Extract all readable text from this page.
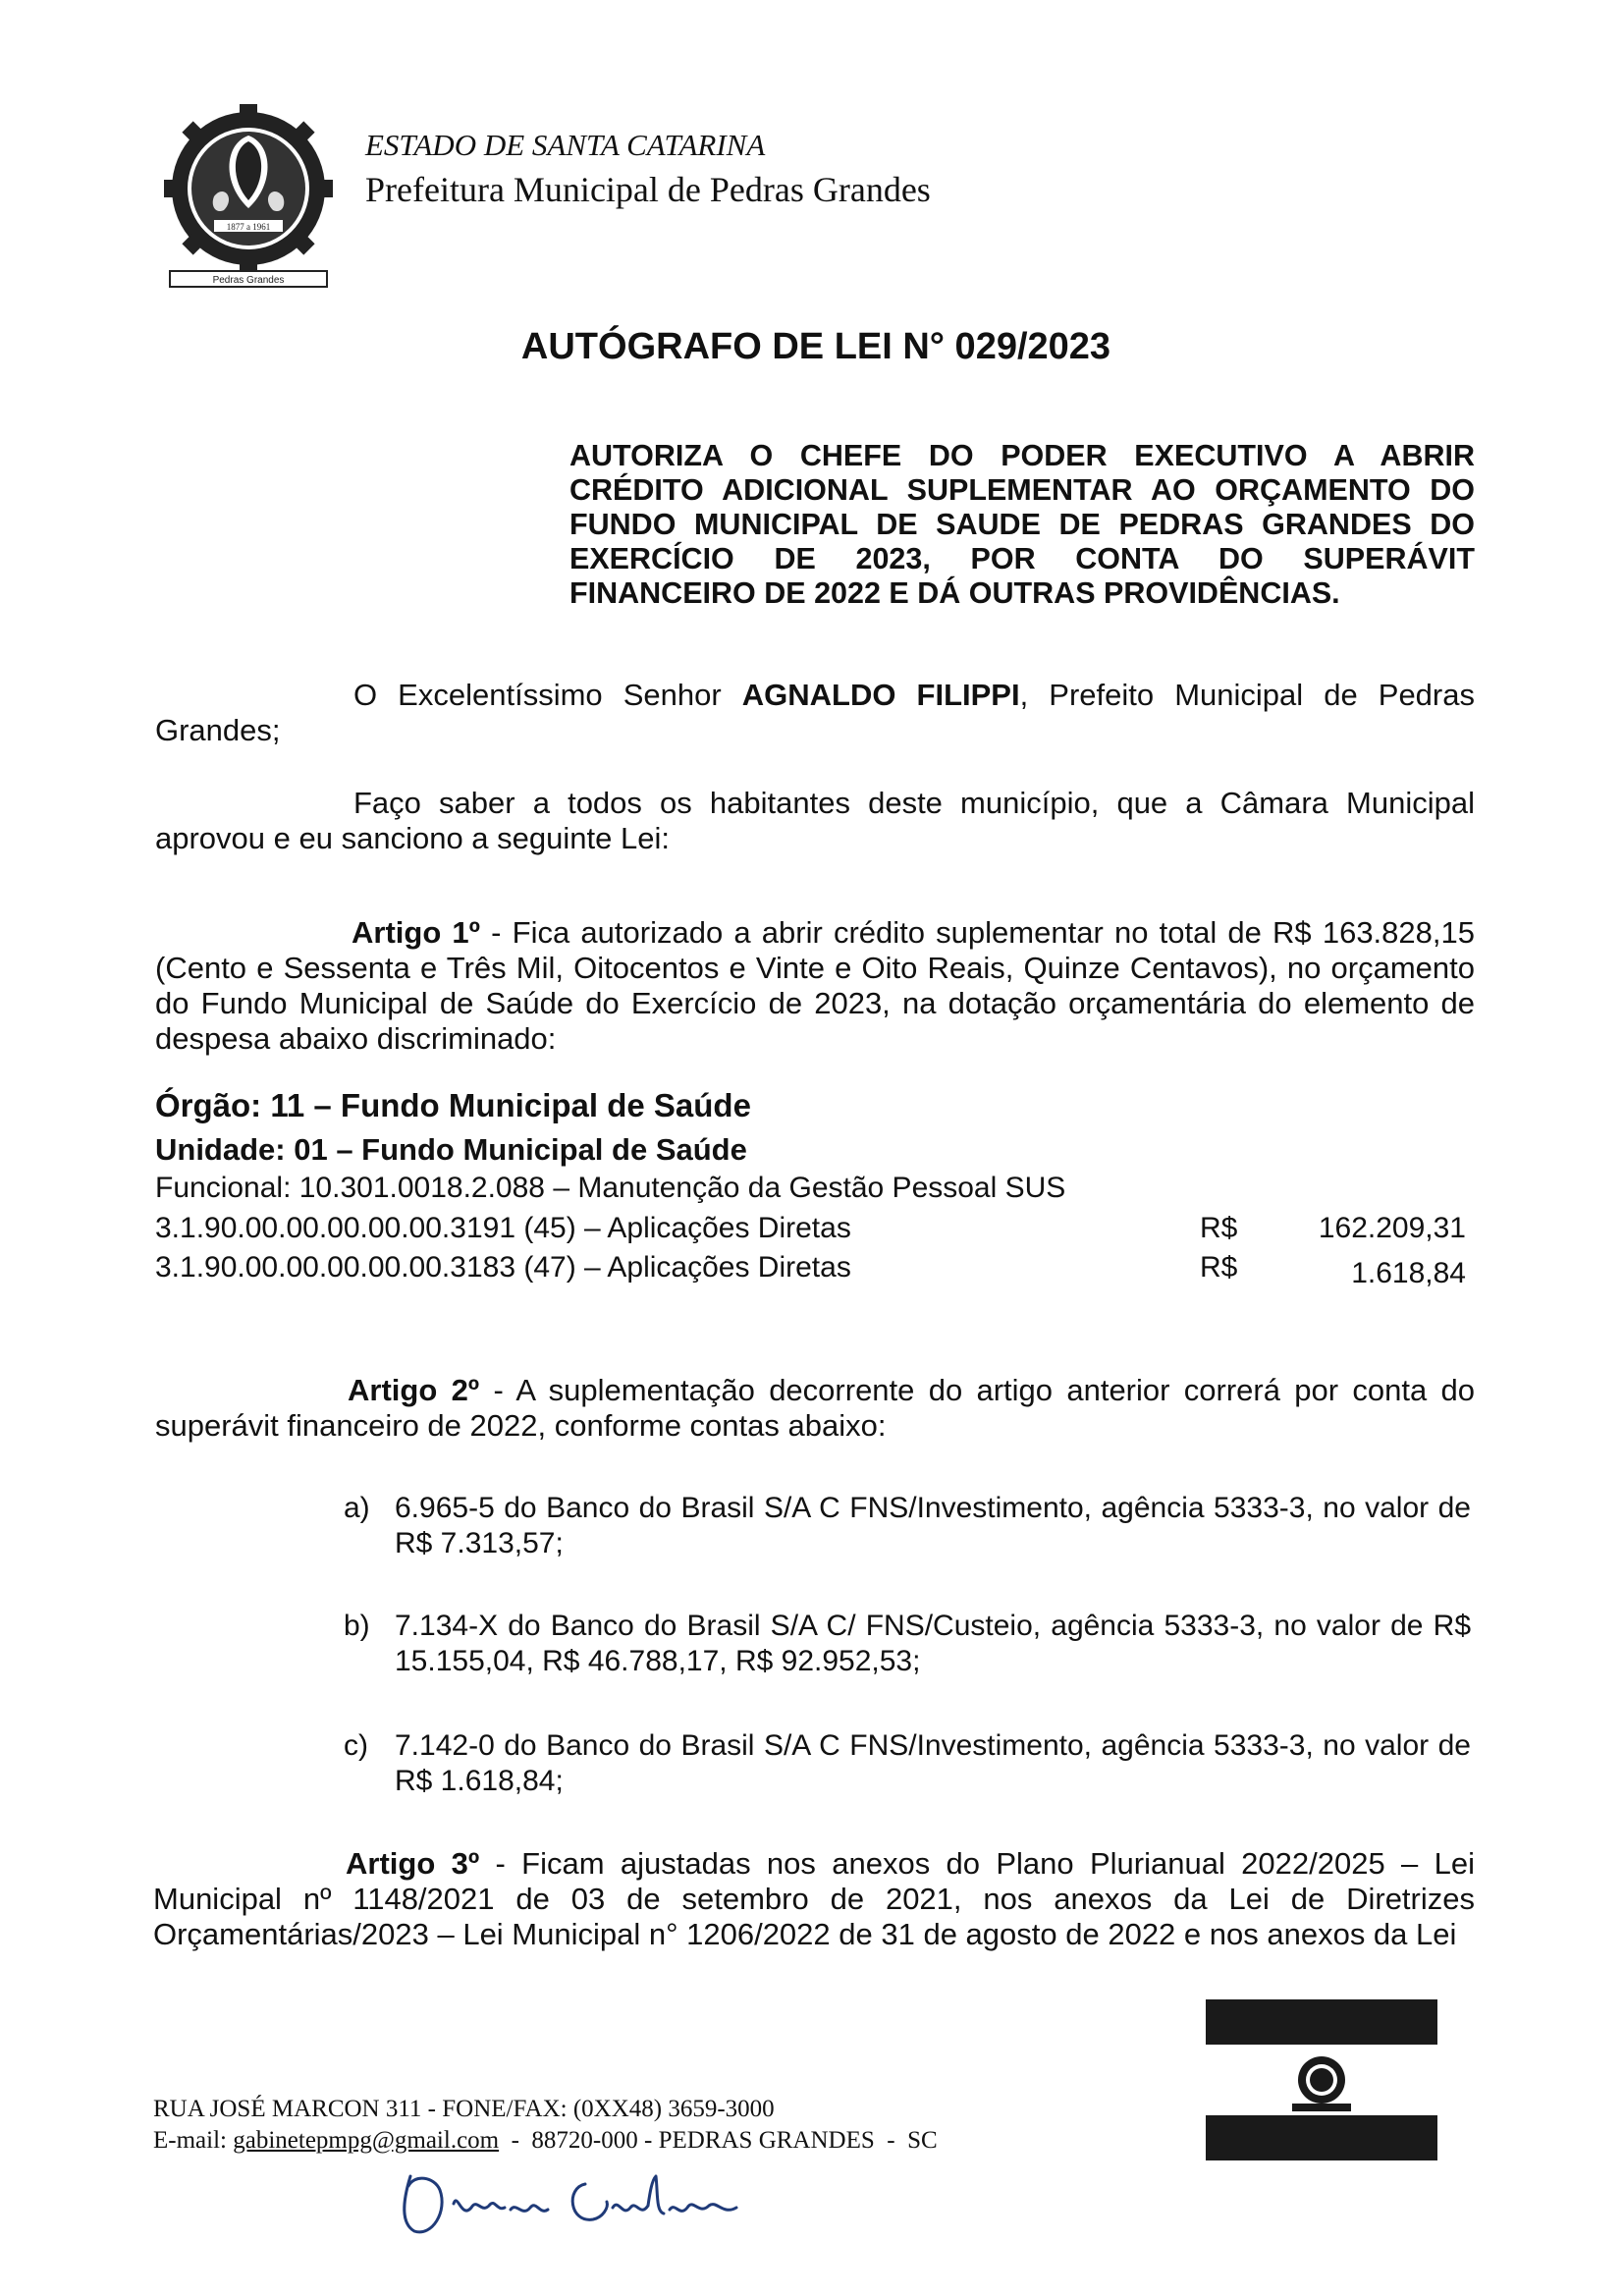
1877 a 1961
Pedras Grandes
ESTADO DE SANTA CATARINA
Prefeitura Municipal de Pedras Grandes
AUTÓGRAFO DE LEI N° 029/2023
AUTORIZA O CHEFE DO PODER EXECUTIVO A ABRIR CRÉDITO ADICIONAL SUPLEMENTAR AO ORÇAMENTO DO FUNDO MUNICIPAL DE SAUDE DE PEDRAS GRANDES DO EXERCÍCIO DE 2023, POR CONTA DO SUPERÁVIT FINANCEIRO DE 2022 E DÁ OUTRAS PROVIDÊNCIAS.
O Excelentíssimo Senhor AGNALDO FILIPPI, Prefeito Municipal de Pedras Grandes;
Faço saber a todos os habitantes deste município, que a Câmara Municipal aprovou e eu sanciono a seguinte Lei:
Artigo 1º - Fica autorizado a abrir crédito suplementar no total de R$ 163.828,15 (Cento e Sessenta e Três Mil, Oitocentos e Vinte e Oito Reais, Quinze Centavos), no orçamento do Fundo Municipal de Saúde do Exercício de 2023, na dotação orçamentária do elemento de despesa abaixo discriminado:
Órgão: 11 – Fundo Municipal de Saúde
Unidade: 01 – Fundo Municipal de Saúde
Funcional: 10.301.0018.2.088 – Manutenção da Gestão Pessoal SUS
3.1.90.00.00.00.00.00.3191 (45) – Aplicações Diretas	R$	162.209,31
3.1.90.00.00.00.00.00.3183 (47) – Aplicações Diretas	R$	1.618,84
Artigo 2º - A suplementação decorrente do artigo anterior correrá por conta do superávit financeiro de 2022, conforme contas abaixo:
a) 6.965-5 do Banco do Brasil S/A C FNS/Investimento, agência 5333-3, no valor de R$ 7.313,57;
b) 7.134-X do Banco do Brasil S/A C/ FNS/Custeio, agência 5333-3, no valor de R$ 15.155,04, R$ 46.788,17, R$ 92.952,53;
c) 7.142-0 do Banco do Brasil S/A C FNS/Investimento, agência 5333-3, no valor de R$ 1.618,84;
Artigo 3º - Ficam ajustadas nos anexos do Plano Plurianual 2022/2025 – Lei Municipal nº 1148/2021 de 03 de setembro de 2021, nos anexos da Lei de Diretrizes Orçamentárias/2023 – Lei Municipal n° 1206/2022 de 31 de agosto de 2022 e nos anexos da Lei
RUA JOSÉ MARCON 311 - FONE/FAX: (0XX48) 3659-3000
E-mail: gabinetepmpg@gmail.com  -  88720-000 - PEDRAS GRANDES  -  SC
